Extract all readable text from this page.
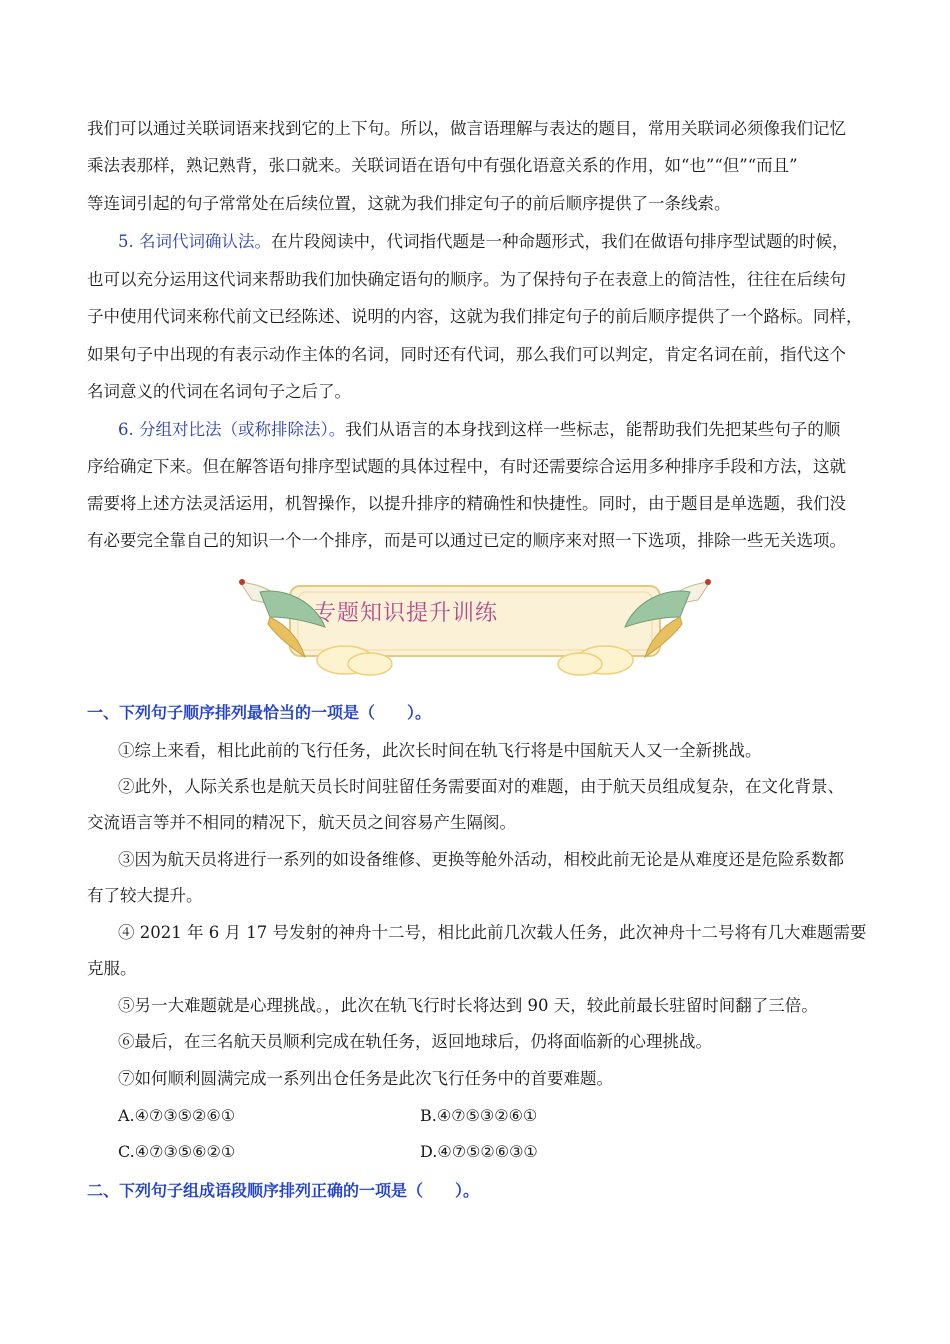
我们可以通过关联词语来找到它的上下句。所以，做言语理解与表达的题目，常用关联词必须像我们记忆
乘法表那样，熟记熟背，张口就来。关联词语在语句中有强化语意关系的作用，如“也”“但”“而且”
等连词引起的句子常常处在后续位置，这就为我们排定句子的前后顺序提供了一条线索。
5. 名词代词确认法。在片段阅读中，代词指代题是一种命题形式，我们在做语句排序型试题的时候，
也可以充分运用这代词来帮助我们加快确定语句的顺序。为了保持句子在表意上的简洁性，往往在后续句
子中使用代词来称代前文已经陈述、说明的内容，这就为我们排定句子的前后顺序提供了一个路标。同样，
如果句子中出现的有表示动作主体的名词，同时还有代词，那么我们可以判定，肯定名词在前，指代这个
名词意义的代词在名词句子之后了。
6. 分组对比法（或称排除法）。我们从语言的本身找到这样一些标志，能帮助我们先把某些句子的顺
序给确定下来。但在解答语句排序型试题的具体过程中，有时还需要综合运用多种排序手段和方法，这就
需要将上述方法灵活运用，机智操作，以提升排序的精确性和快捷性。同时，由于题目是单选题，我们没
有必要完全靠自己的知识一个一个排序，而是可以通过已定的顺序来对照一下选项，排除一些无关选项。
专题知识提升训练
一、下列句子顺序排列最恰当的一项是（　　）。
①综上来看，相比此前的飞行任务，此次长时间在轨飞行将是中国航天人又一全新挑战。
②此外，人际关系也是航天员长时间驻留任务需要面对的难题，由于航天员组成复杂，在文化背景、
交流语言等并不相同的精况下，航天员之间容易产生隔阂。
③因为航天员将进行一系列的如设备维修、更换等舱外活动，相校此前无论是从难度还是危险系数都
有了较大提升。
④ 2021 年 6 月 17 号发射的神舟十二号，相比此前几次载人任务，此次神舟十二号将有几大难题需要
克服。
⑤另一大难题就是心理挑战。，此次在轨飞行时长将达到 90 天，较此前最长驻留时间翻了三倍。
⑥最后，在三名航天员顺利完成在轨任务，返回地球后，仍将面临新的心理挑战。
⑦如何顺利圆满完成一系列出仓任务是此次飞行任务中的首要难题。
A.④⑦③⑤②⑥①	B.④⑦⑤③②⑥①
C.④⑦③⑤⑥②①	D.④⑦⑤②⑥③①
二、下列句子组成语段顺序排列正确的一项是（　　）。
